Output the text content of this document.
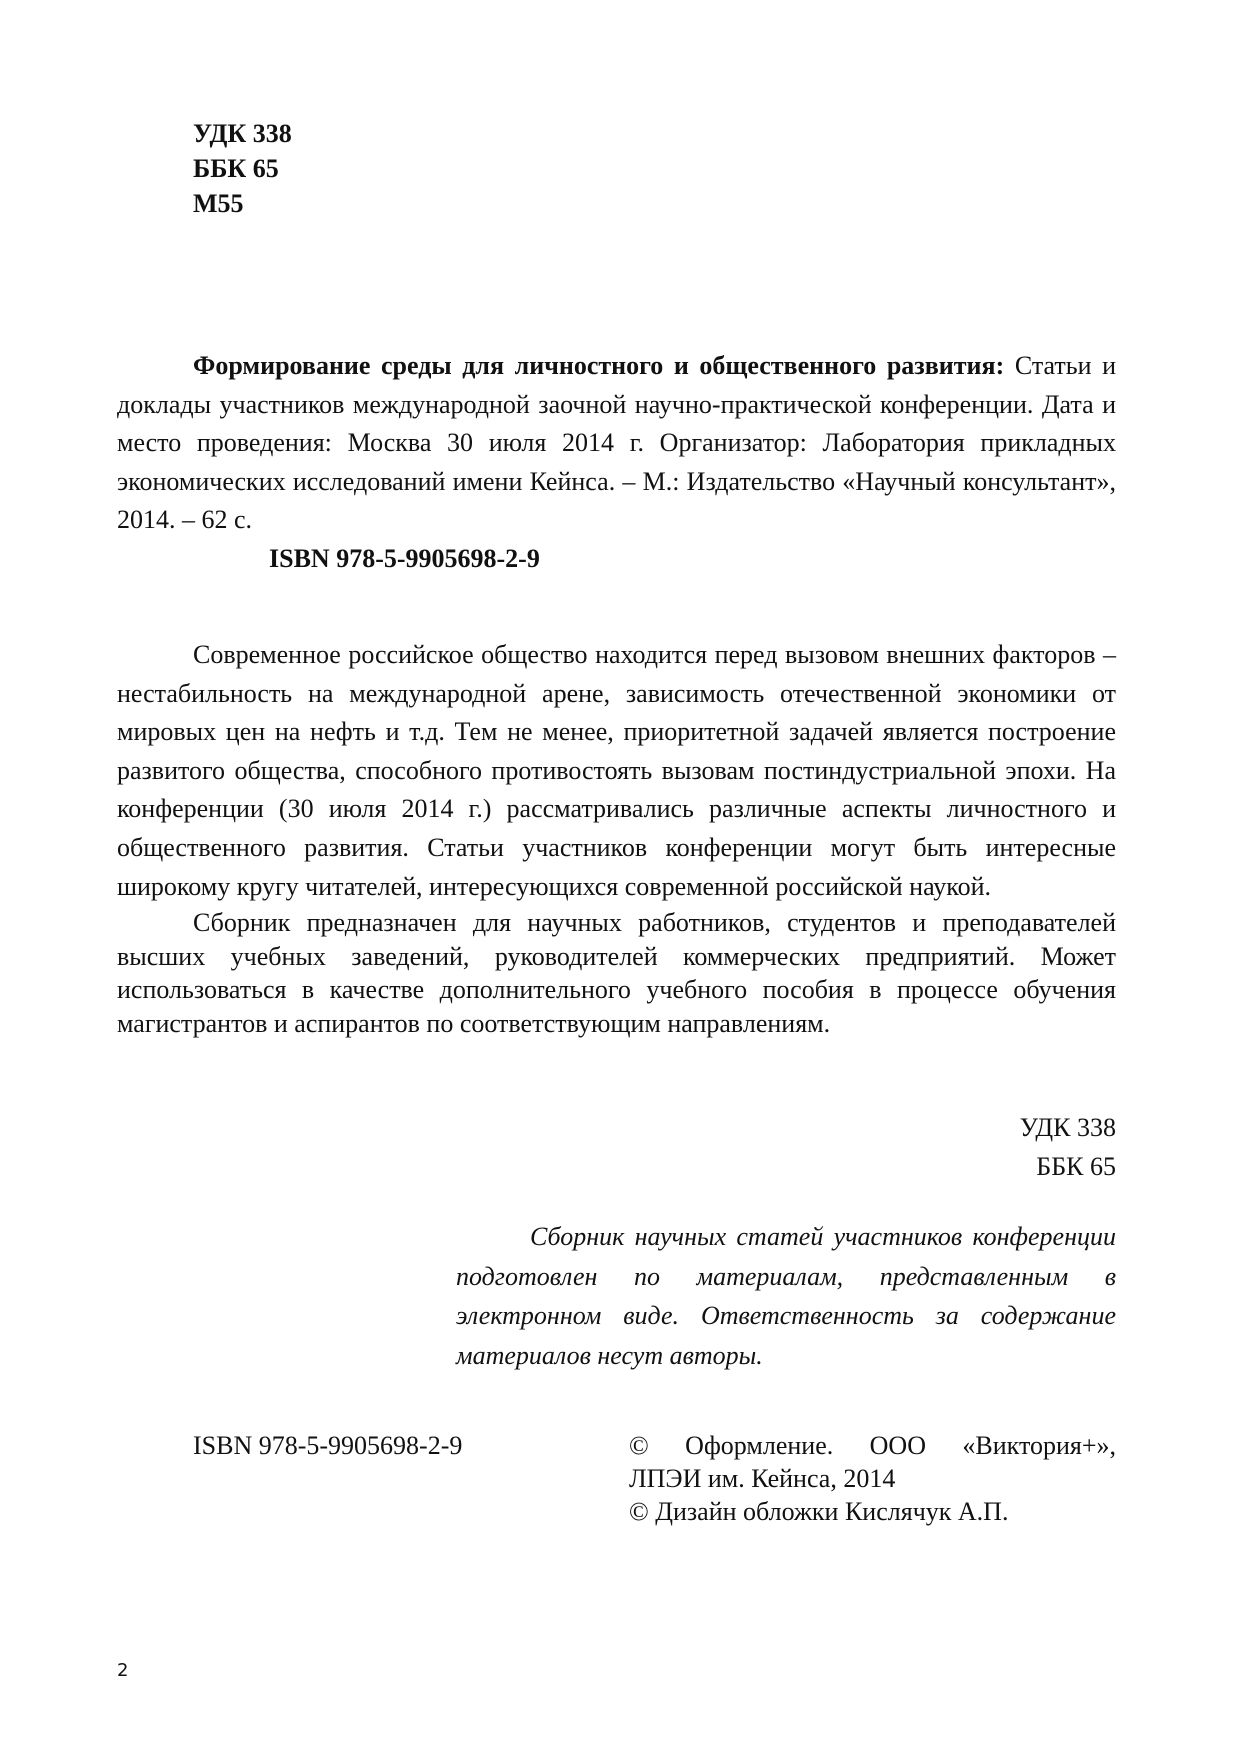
УДК 338
ББК 65
М55

Формирование среды для личностного и общественного развития: Статьи и доклады участников международной заочной научно-практической конференции. Дата и место проведения: Москва 30 июля 2014 г. Организатор: Лаборатория прикладных экономических исследований имени Кейнса. – М.: Издательство «Научный консультант», 2014. – 62 с.

ISBN 978-5-9905698-2-9

Современное российское общество находится перед вызовом внешних факторов – нестабильность на международной арене, зависимость отечественной экономики от мировых цен на нефть и т.д. Тем не менее, приоритетной задачей является построение развитого общества, способного противостоять вызовам постиндустриальной эпохи. На конференции (30 июля 2014 г.) рассматривались различные аспекты личностного и общественного развития. Статьи участников конференции могут быть интересные широкому кругу читателей, интересующихся современной российской наукой.

Сборник предназначен для научных работников, студентов и преподавателей высших учебных заведений, руководителей коммерческих предприятий. Может использоваться в качестве дополнительного учебного пособия в процессе обучения магистрантов и аспирантов по соответствующим направлениям.

УДК 338
ББК 65

Сборник научных статей участников конференции подготовлен по материалам, представленным в электронном виде. Ответственность за содержание материалов несут авторы.

ISBN 978-5-9905698-2-9	© Оформление. ООО «Виктория+»,
ЛПЭИ им. Кейнса, 2014
© Дизайн обложки Кислячук А.П.
2
